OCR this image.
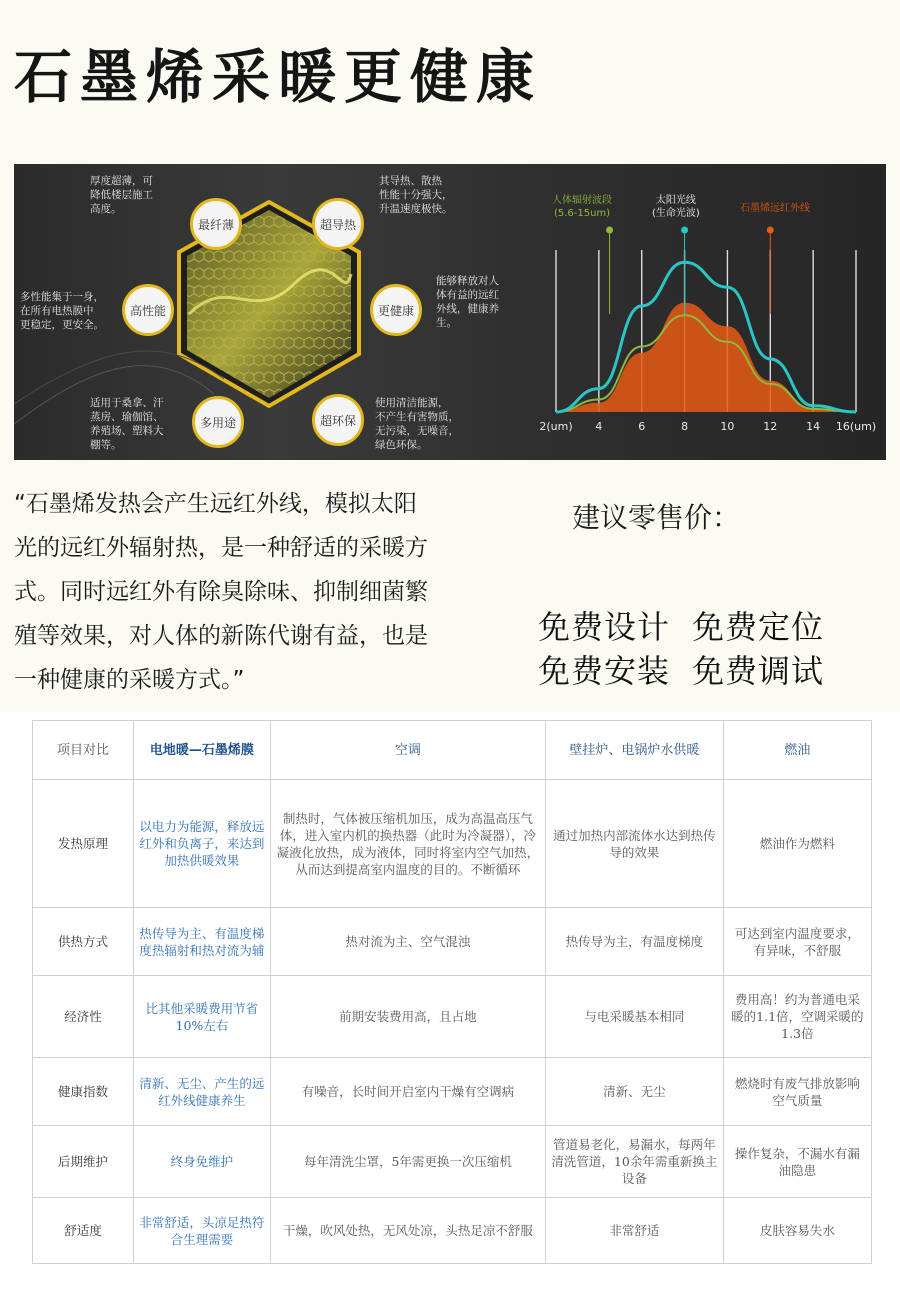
石墨烯采暖更健康
最纤薄	超导热
高性能	更健康
多用途	超环保
厚度超薄，可
降低楼层施工
高度。
其导热、散热
性能十分强大，
升温速度极快。
多性能集于一身，
在所有电热膜中
更稳定，更安全。
能够释放对人
体有益的远红
外线，健康养
生。
适用于桑拿、汗
蒸房、瑜伽馆、
养殖场、塑料大
棚等。
使用清洁能源，
不产生有害物质，
无污染，无噪音，
绿色环保。
2(um) 4	6	8	10	12	14 16(um)
人体辐射波段
(5.6-15um)
太阳光线
(生命光波)	石墨烯远红外线

“石墨烯发热会产生远红外线，模拟太阳

光的远红外辐射热，是一种舒适的采暖方

式。同时远红外有除臭除味、抑制细菌繁

殖等效果，对人体的新陈代谢有益，也是

一种健康的采暖方式。”

建议零售价：
免费设计 免费定位
免费安装 免费调试
项目对比	电地暖—石墨烯膜	空调	壁挂炉、电锅炉水供暖	燃油
发热原理	以电力为能源，释放远红外和负离子，来达到加热供暖效果	制热时，气体被压缩机加压，成为高温高压气体，进入室内机的换热器（此时为冷凝器），冷凝液化放热，成为液体，同时将室内空气加热，从而达到提高室内温度的目的。不断循环	通过加热内部流体水达到热传导的效果	燃油作为燃料
供热方式	热传导为主、有温度梯度热辐射和热对流为辅	热对流为主、空气混浊	热传导为主，有温度梯度	可达到室内温度要求，有异味，不舒服
经济性	比其他采暖费用节省10%左右	前期安装费用高，且占地	与电采暖基本相同	费用高！约为普通电采暖的1.1倍，空调采暖的1.3倍
健康指数	清新、无尘、产生的远红外线健康养生	有噪音，长时间开启室内干燥有空调病	清新、无尘	燃烧时有废气排放影响空气质量
后期维护	终身免维护	每年清洗尘罩，5年需更换一次压缩机	管道易老化，易漏水，每两年清洗管道，10余年需重新换主设备	操作复杂，不漏水有漏油隐患
舒适度	非常舒适，头凉足热符合生理需要	干燥，吹风处热，无风处凉，头热足凉不舒服	非常舒适	皮肤容易失水
